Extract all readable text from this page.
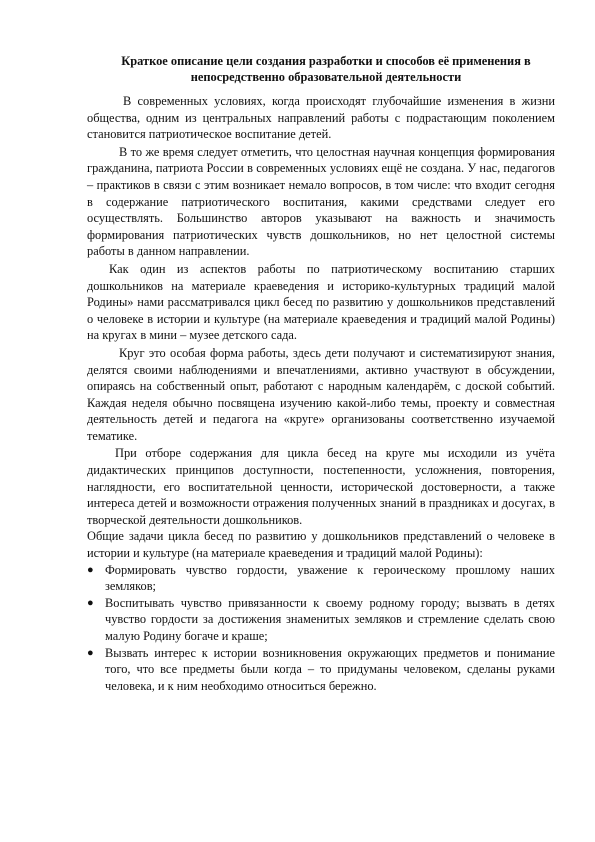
Краткое описание цели создания разработки и способов её применения в непосредственно образовательной деятельности

В современных условиях, когда происходят глубочайшие изменения в жизни общества, одним из центральных направлений работы с подрастающим поколением становится патриотическое воспитание детей.

В то же время следует отметить, что целостная научная концепция формирования гражданина, патриота России в современных условиях ещё не создана. У нас, педагогов – практиков в связи с этим возникает немало вопросов, в том числе: что входит сегодня в содержание патриотического воспитания, какими средствами следует его осуществлять. Большинство авторов указывают на важность и значимость формирования патриотических чувств дошкольников, но нет целостной системы работы в данном направлении.

Как один из аспектов работы по патриотическому воспитанию старших дошкольников на материале краеведения и историко-культурных традиций малой Родины» нами рассматривался цикл бесед по развитию у дошкольников представлений о человеке в истории и культуре (на материале краеведения и традиций малой Родины) на кругах в мини – музее детского сада.

Круг это особая форма работы, здесь дети получают и систематизируют знания, делятся своими наблюдениями и впечатлениями, активно участвуют в обсуждении, опираясь на собственный опыт, работают с народным календарём, с доской событий. Каждая неделя обычно посвящена изучению какой-либо темы, проекту и совместная деятельность детей и педагога на «круге» организованы соответственно изучаемой тематике.

При отборе содержания для цикла бесед на круге мы исходили из учёта дидактических принципов доступности, постепенности, усложнения, повторения, наглядности, его воспитательной ценности, исторической достоверности, а также интереса детей и возможности отражения полученных знаний в праздниках и досугах, в творческой деятельности дошкольников.

Общие задачи цикла бесед по развитию у дошкольников представлений о человеке в истории и культуре (на материале краеведения и традиций малой Родины):

● Формировать чувство гордости, уважение к героическому прошлому наших земляков;
● Воспитывать чувство привязанности к своему родному городу; вызвать в детях чувство гордости за достижения знаменитых земляков и стремление сделать свою малую Родину богаче и краше;
● Вызвать интерес к истории возникновения окружающих предметов и понимание того, что все предметы были когда – то придуманы человеком, сделаны руками человека, и к ним необходимо относиться бережно.
